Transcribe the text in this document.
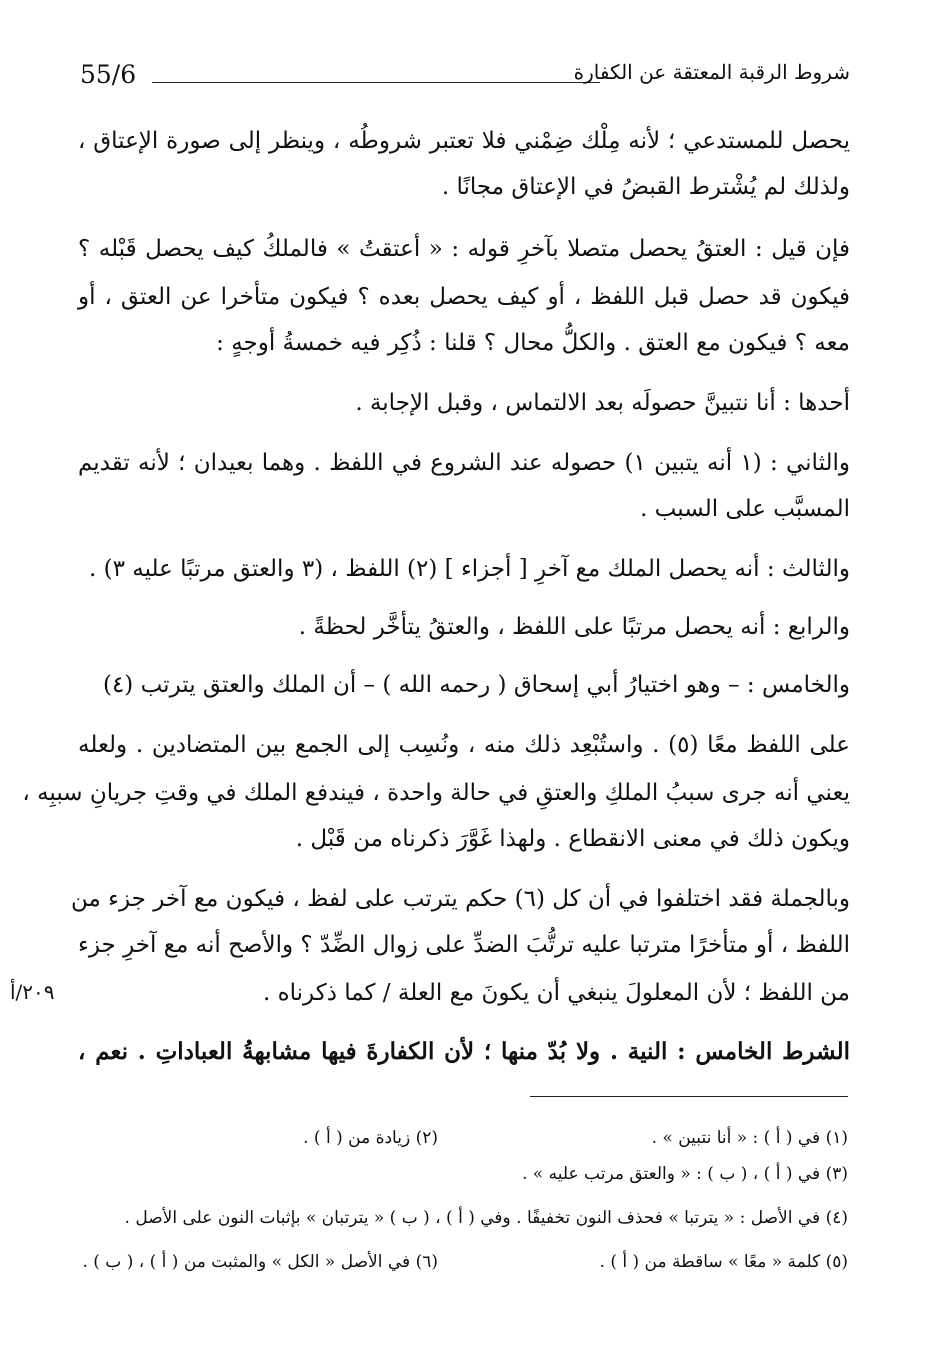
55/6	شروط الرقبة المعتقة عن الكفارة
يحصل للمستدعي ؛ لأنه مِلْك ضِمْني فلا تعتبر شروطُه ، وينظر إلى صورة الإعتاق ،
ولذلك لم يُشْترط القبضُ في الإعتاق مجانًا .
فإن قيل : العتقُ يحصل متصلا بآخرِ قوله : « أعتقتُ » فالملكُ كيف يحصل قَبْله ؟
فيكون قد حصل قبل اللفظ ، أو كيف يحصل بعده ؟ فيكون متأخرا عن العتق ، أو
معه ؟ فيكون مع العتق . والكلُّ محال ؟ قلنا : ذُكِر فيه خمسةُ أوجهٍ :
أحدها : أنا نتبينَّ حصولَه بعد الالتماس ، وقبل الإجابة .
والثاني : (١ أنه يتبين ١) حصوله عند الشروع في اللفظ . وهما بعيدان ؛ لأنه تقديم
المسبَّب على السبب .
والثالث : أنه يحصل الملك مع آخرِ [ أجزاء ] (٢) اللفظ ، (٣ والعتق مرتبًا عليه ٣) .
والرابع : أنه يحصل مرتبًا على اللفظ ، والعتقُ يتأخَّر لحظةً .
والخامس : – وهو اختيارُ أبي إسحاق ( رحمه الله ) – أن الملك والعتق يترتب (٤)
على اللفظ معًا (٥) . واستُبْعِد ذلك منه ، ونُسِب إلى الجمع بين المتضادين . ولعله
يعني أنه جرى سببُ الملكِ والعتقِ في حالة واحدة ، فيندفع الملك في وقتِ جريانِ سببِه ،
ويكون ذلك في معنى الانقطاع . ولهذا غَوَّرَ ذكرناه من قَبْل .
وبالجملة فقد اختلفوا في أن كل (٦) حكم يترتب على لفظ ، فيكون مع آخر جزء من
اللفظ ، أو متأخرًا مترتبا عليه ترتُّبَ الضدِّ على زوال الضِّدّ ؟ والأصح أنه مع آخرِ جزء
من اللفظ ؛ لأن المعلولَ ينبغي أن يكونَ مع العلة / كما ذكرناه .
الشرط الخامس : النية . ولا بُدّ منها ؛ لأن الكفارةَ فيها مشابهةُ العباداتِ . نعم ،
٢٠٩/أ
(١) في ( أ ) : « أنا نتبين » .
(٢) زيادة من ( أ ) .
(٣) في ( أ ) ، ( ب ) : « والعتق مرتب عليه » .
(٤) في الأصل : « يترتبا » فحذف النون تخفيفًا . وفي ( أ ) ، ( ب ) « يترتبان » بإثبات النون على الأصل .
(٥) كلمة « معًا » ساقطة من ( أ ) .
(٦) في الأصل « الكل » والمثبت من ( أ ) ، ( ب ) .
